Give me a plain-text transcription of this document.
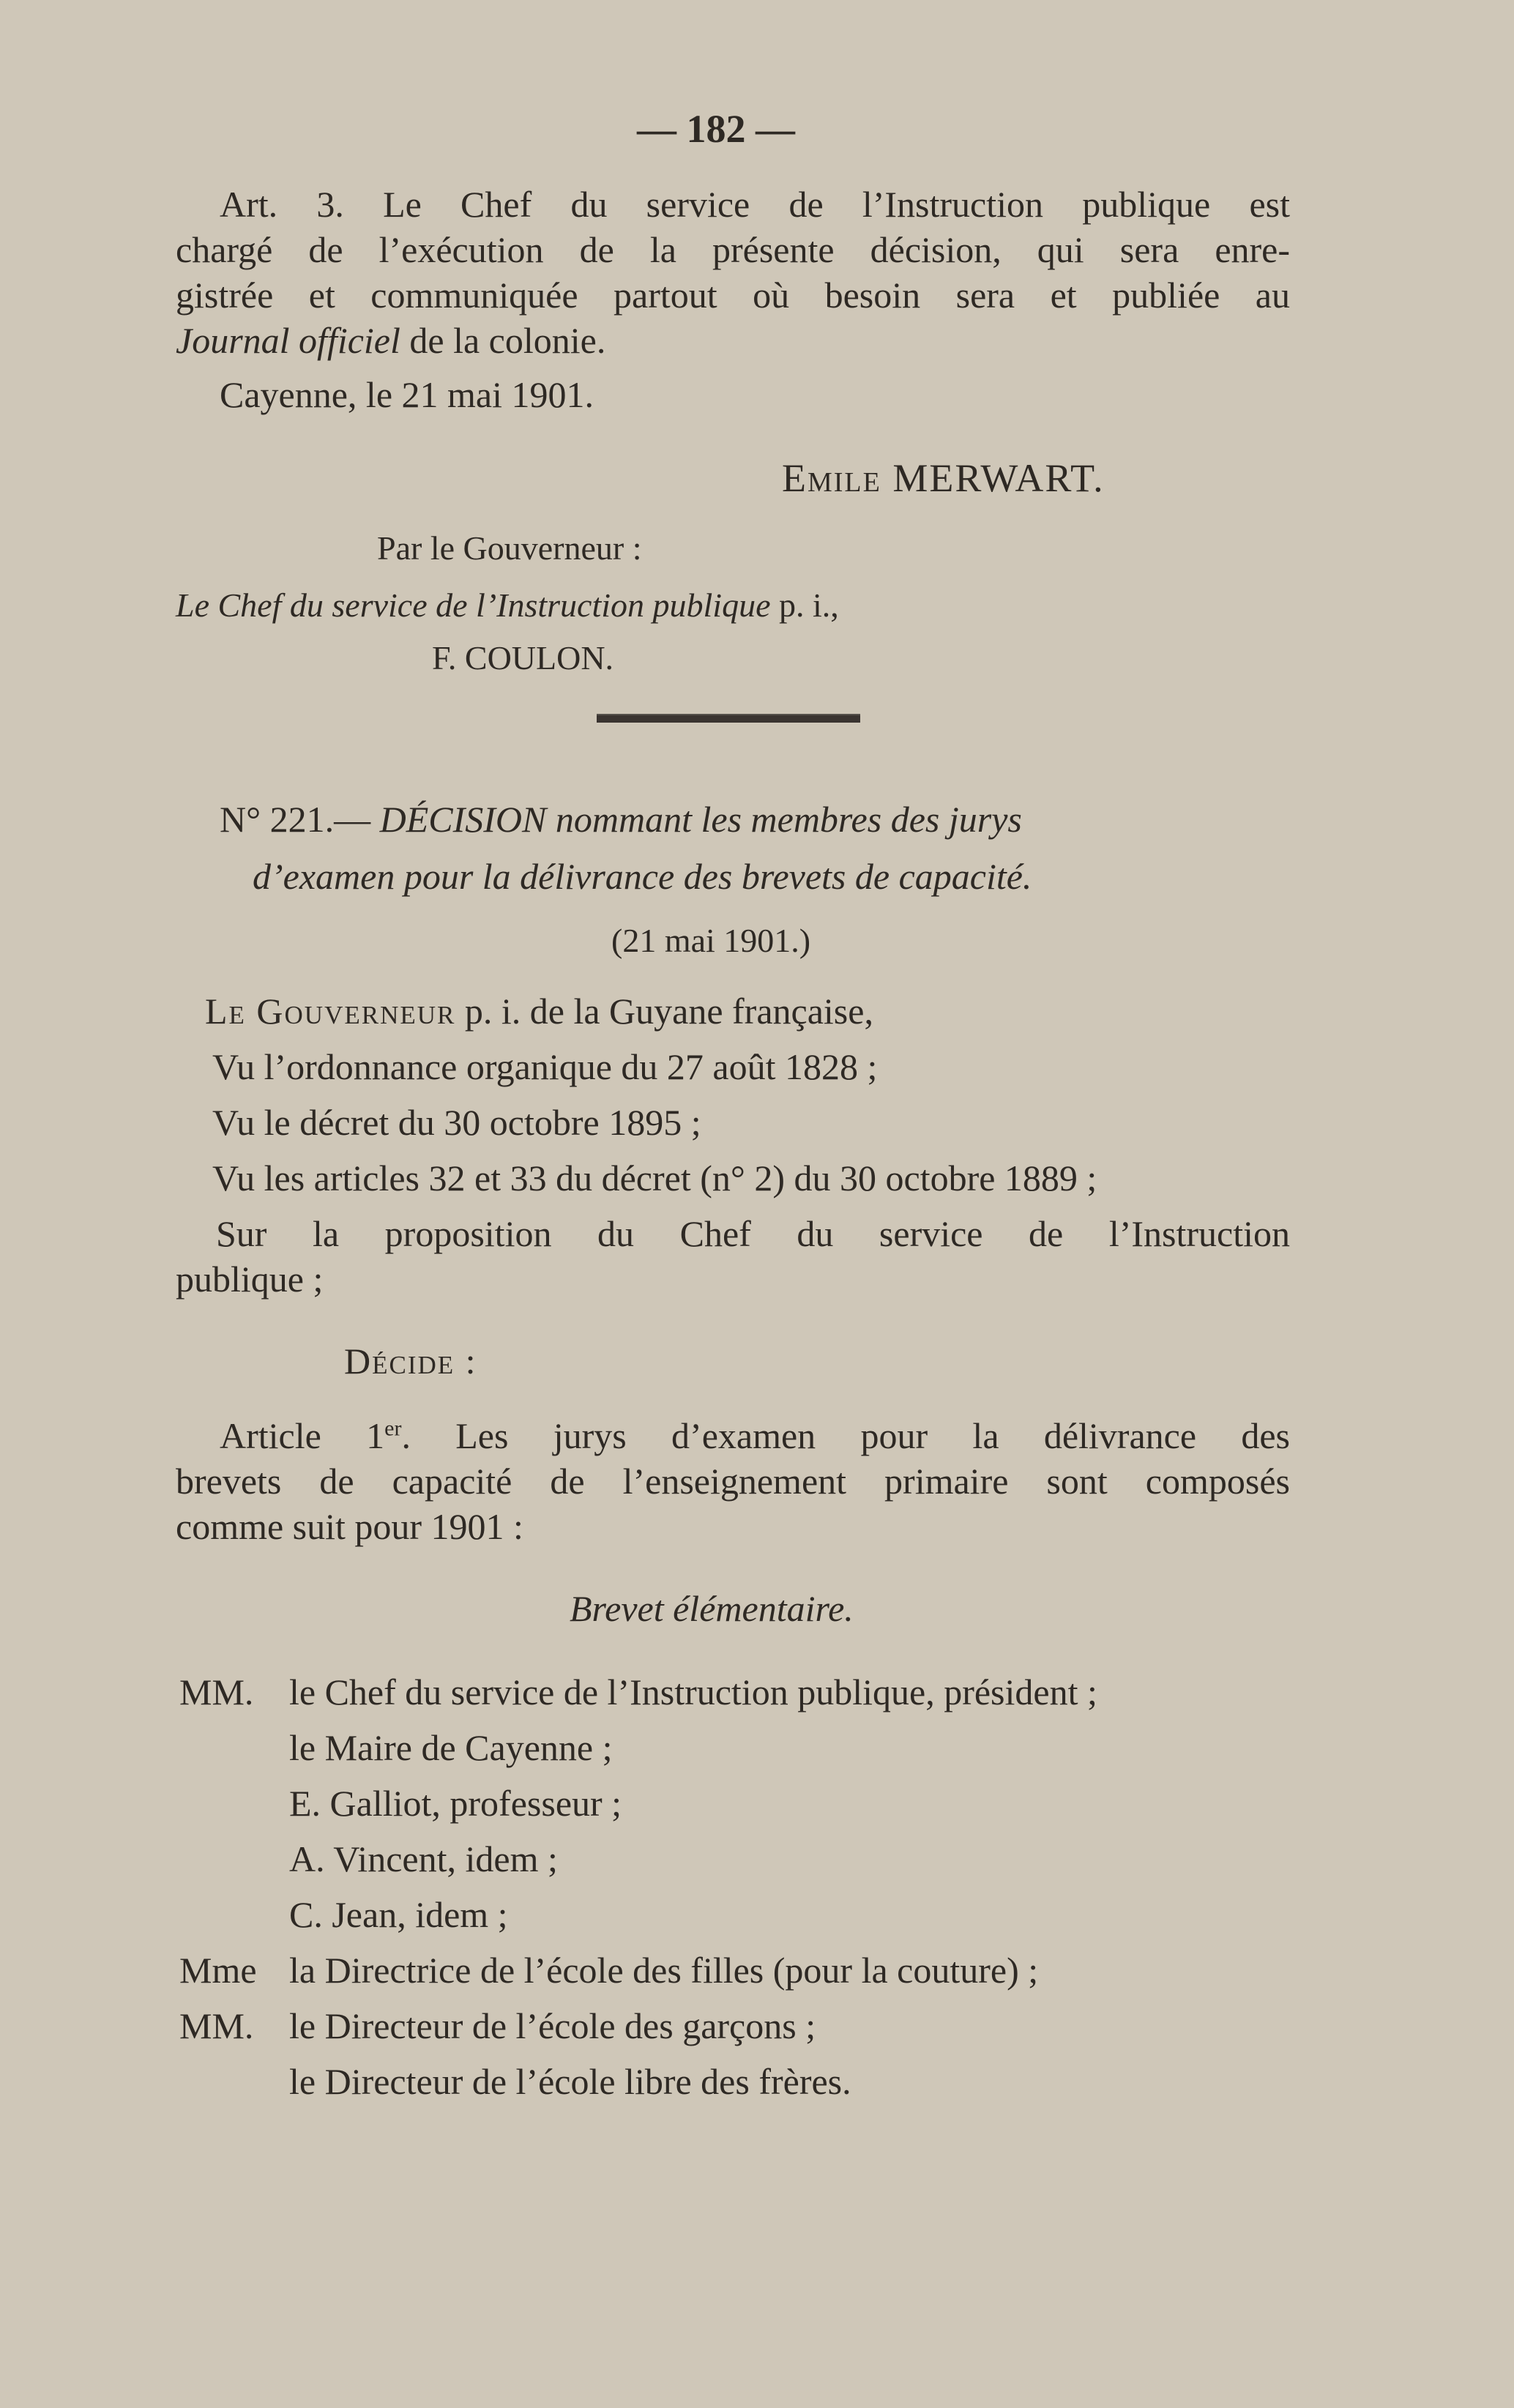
— 182 —
Art. 3. Le Chef du service de l’Instruction publique est
chargé de l’exécution de la présente décision, qui sera enre-
gistrée et communiquée partout où besoin sera et publiée au
Journal officiel de la colonie.
Cayenne, le 21 mai 1901.
Emile MERWART.
Par le Gouverneur :
Le Chef du service de l’Instruction publique p. i.,
F. COULON.
N° 221.— DÉCISION nommant les membres des jurys
d’examen pour la délivrance des brevets de capacité.
(21 mai 1901.)
Le Gouverneur p. i. de la Guyane française,
Vu l’ordonnance organique du 27 août 1828 ;
Vu le décret du 30 octobre 1895 ;
Vu les articles 32 et 33 du décret (n° 2) du 30 octobre 1889 ;
Sur la proposition du Chef du service de l’Instruction
publique ;
Décide :
Article 1er. Les jurys d’examen pour la délivrance des
brevets de capacité de l’enseignement primaire sont composés
comme suit pour 1901 :
Brevet élémentaire.
MM. le Chef du service de l’Instruction publique, président ;
le Maire de Cayenne ;
E. Galliot, professeur ;
A. Vincent, idem ;
C. Jean, idem ;
Mme la Directrice de l’école des filles (pour la couture) ;
MM. le Directeur de l’école des garçons ;
le Directeur de l’école libre des frères.
